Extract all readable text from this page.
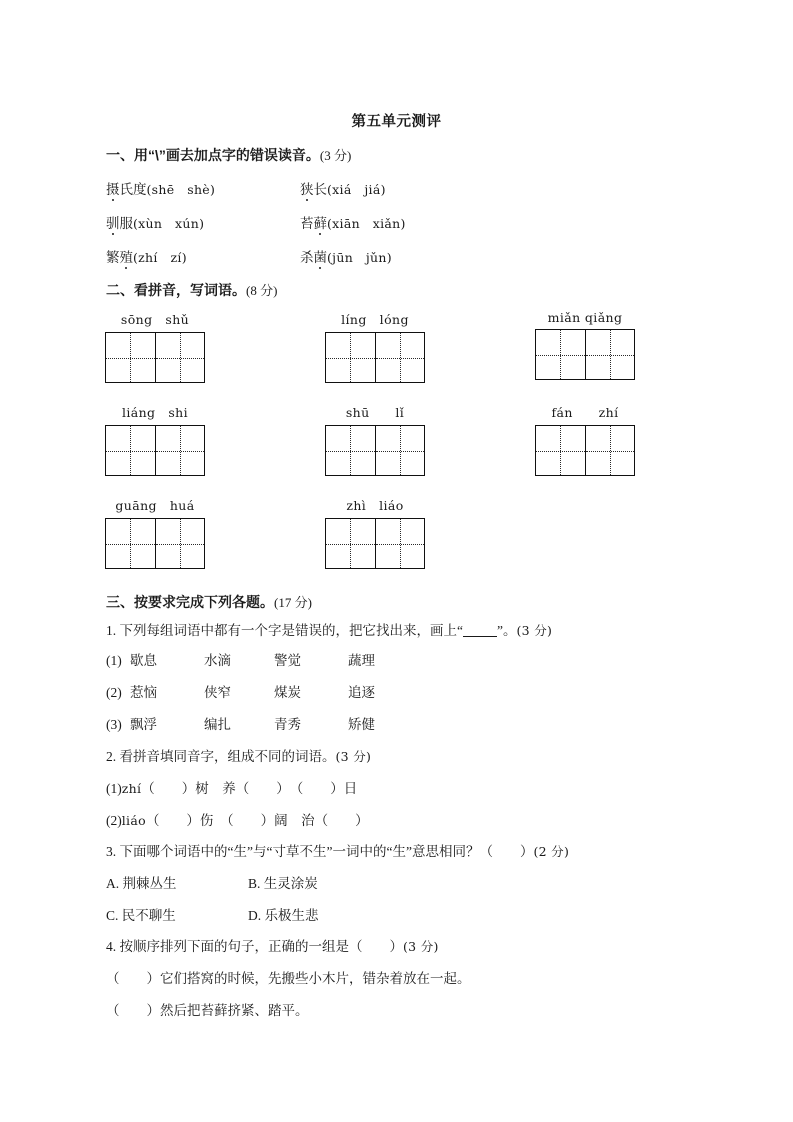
第五单元测评
一、用“\”画去加点字的错误读音。(3 分)
摄氏度(shē　shè)	狭长(xiá　jiá)
驯服(xùn　xún)	苔藓(xiān　xiǎn)
繁殖(zhí　zí)	杀菌(jūn　jǔn)
二、看拼音，写词语。(8 分)
sōng　shǔ	líng　lóng	miǎn qiǎng
liáng　shi	shū　　lǐ	fán　　zhí
guāng　huá	zhì　liáo
三、按要求完成下列各题。(17 分)
1. 下列每组词语中都有一个字是错误的，把它找出来，画上“	”。(3 分)
(1) 歇息	水滴	警觉	蔬理
(2) 惹恼	侠窄	煤炭	追逐
(3) 飘浮	编扎	青秀	矫健
2. 看拼音填同音字，组成不同的词语。(3 分)
(1)zhí（　　）树　养（　　）　（　　）日
(2)liáo（　　）伤　（　　）阔　治（　　）
3. 下面哪个词语中的“生”与“寸草不生”一词中的“生”意思相同？（　　）(2 分)
A. 荆棘丛生	B. 生灵涂炭
C. 民不聊生	D. 乐极生悲
4. 按顺序排列下面的句子，正确的一组是（　　）(3 分)
（　　）它们搭窝的时候，先搬些小木片，错杂着放在一起。
（　　）然后把苔藓挤紧、踏平。
